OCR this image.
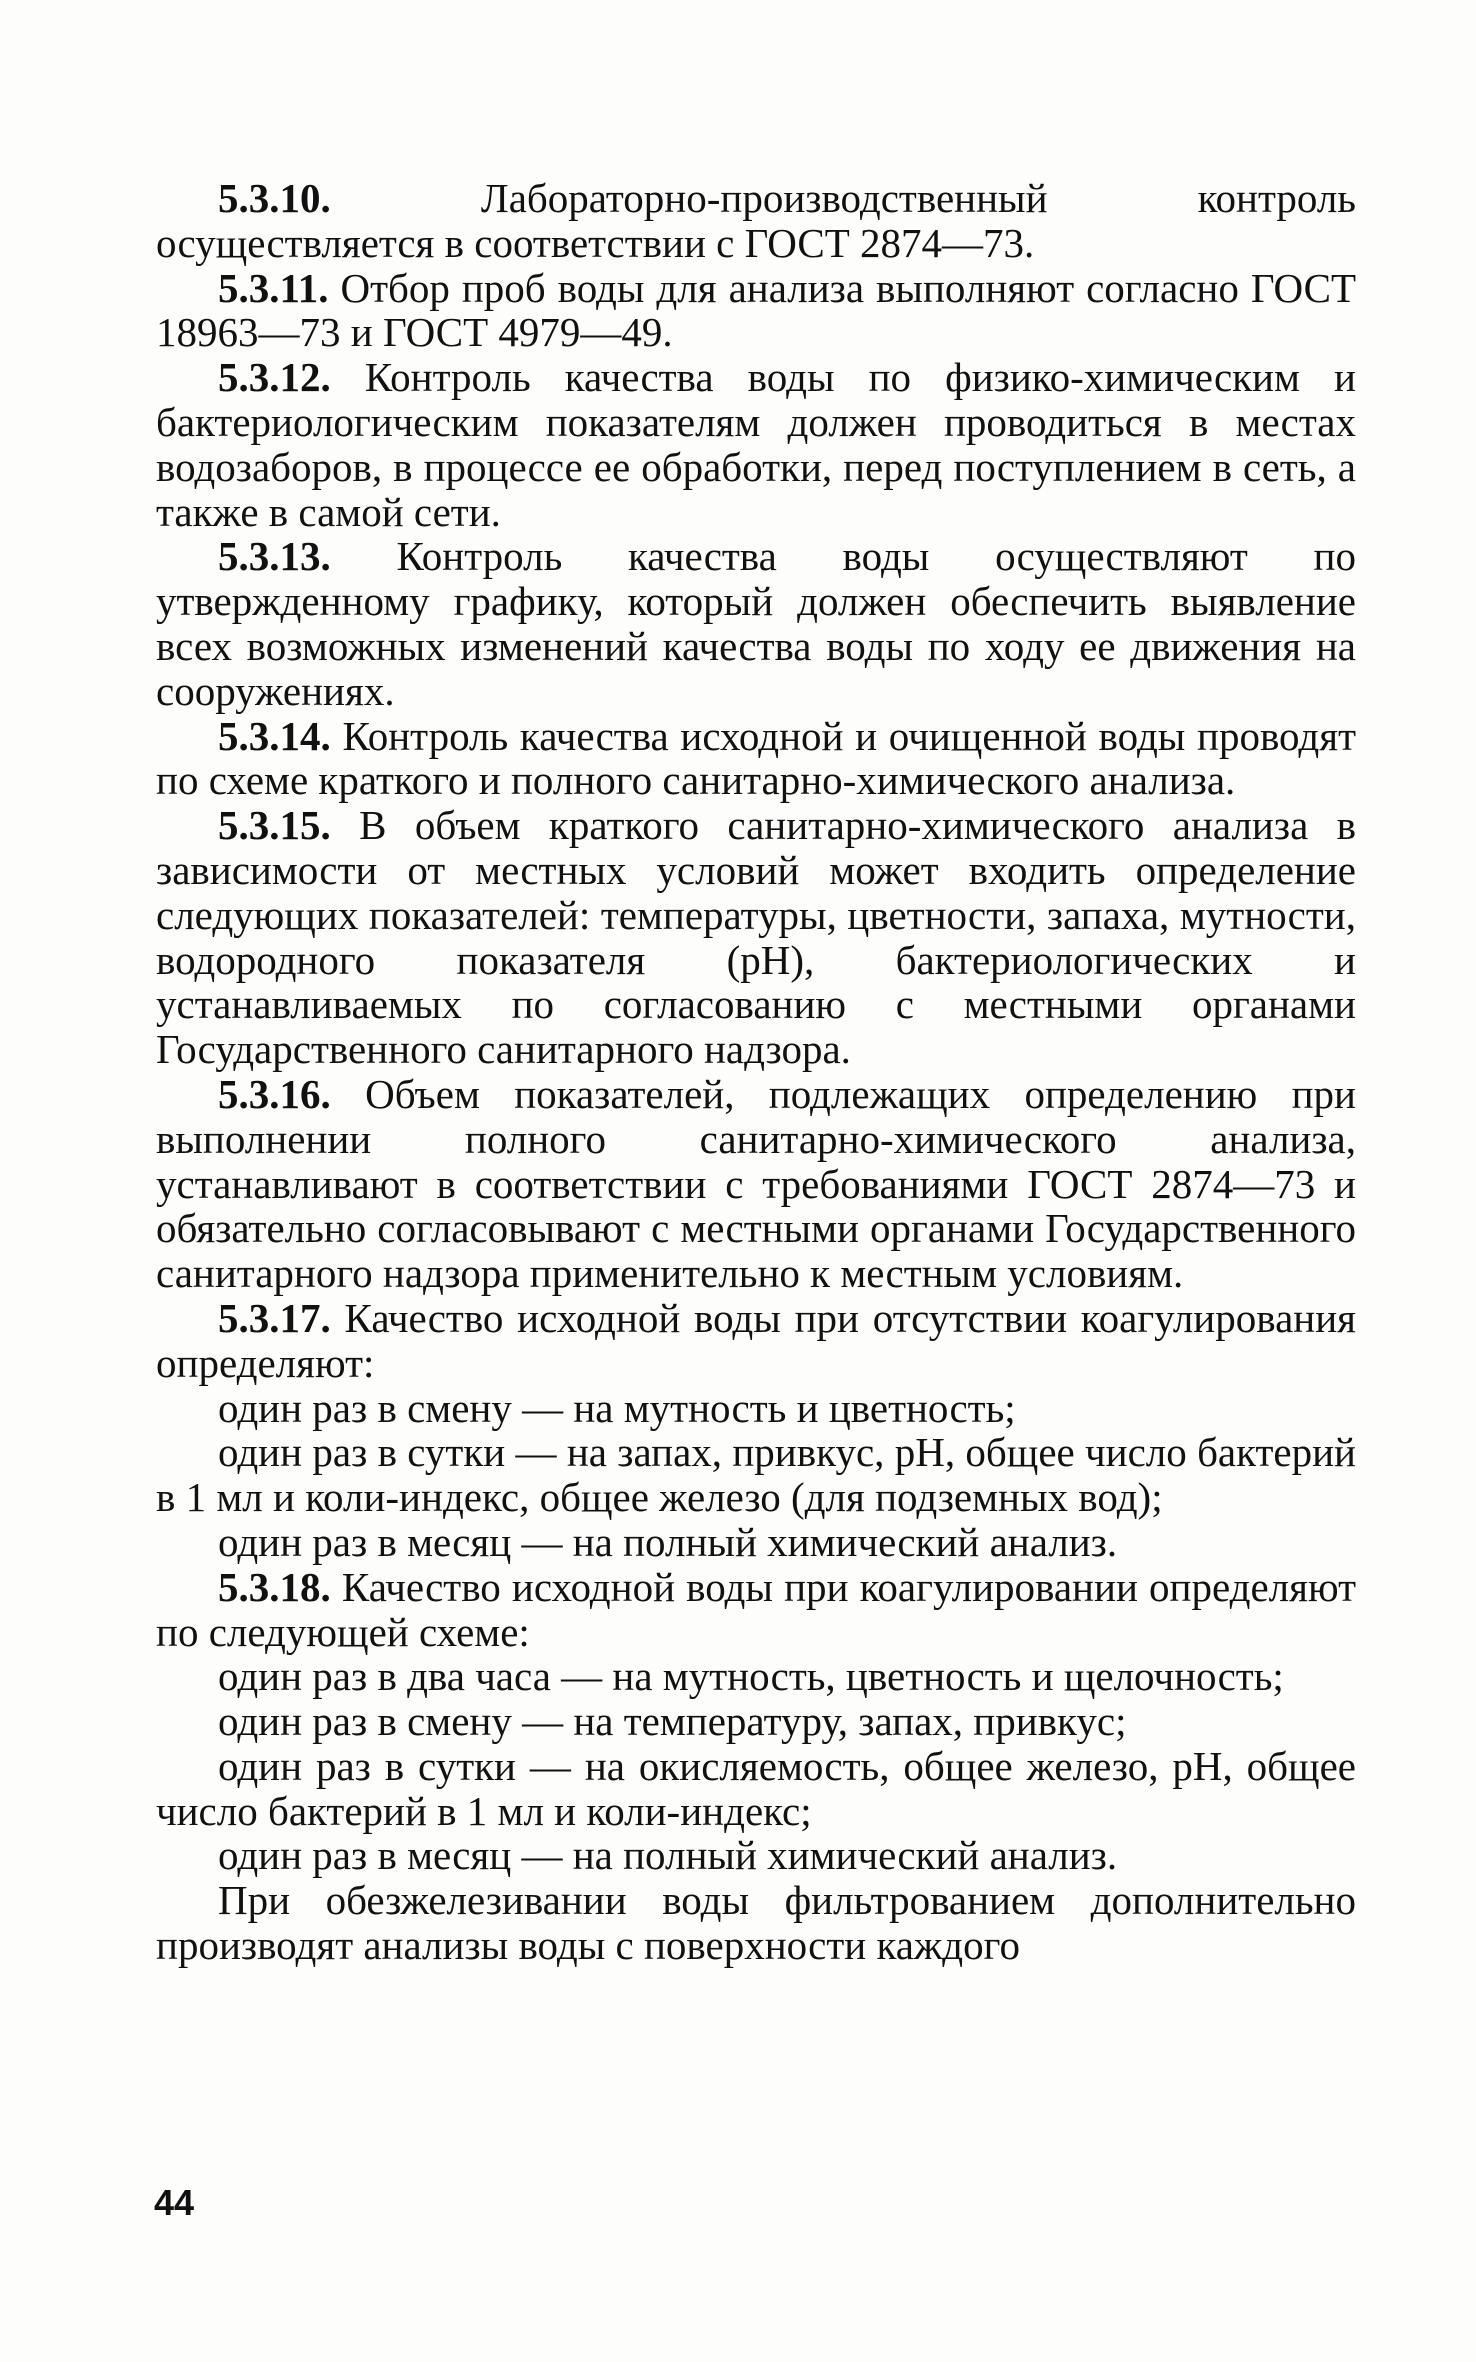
5.3.10.	Лабораторно-производственный контроль осуществляется в соответствии с ГОСТ 2874—73.

5.3.11. Отбор проб воды для анализа выполняют согласно ГОСТ 18963—73 и ГОСТ 4979—49.

5.3.12. Контроль качества воды по физико-химическим и бактериологическим показателям должен проводиться в местах водозаборов, в процессе ее обработки, перед поступлением в сеть, а также в самой сети.

5.3.13. Контроль качества воды осуществляют по утвержденному графику, который должен обеспечить выявление всех возможных изменений качества воды по ходу ее движения на сооружениях.

5.3.14. Контроль качества исходной и очищенной воды проводят по схеме краткого и полного санитарно-химического анализа.

5.3.15. В объем краткого санитарно-химического анализа в зависимости от местных условий может входить определение следующих показателей: температуры, цветности, запаха, мутности, водородного показателя (pH), бактериологических и устанавливаемых по согласованию с местными органами Государственного санитарного надзора.

5.3.16. Объем показателей, подлежащих определению при выполнении полного санитарно-химического анализа, устанавливают в соответствии с требованиями ГОСТ 2874—73 и обязательно согласовывают с местными органами Государственного санитарного надзора применительно к местным условиям.

5.3.17. Качество исходной воды при отсутствии коагулирования определяют:

один раз в смену — на мутность и цветность;

один раз в сутки — на запах, привкус, pH, общее число бактерий в 1 мл и коли-индекс, общее железо (для подземных вод);

один раз в месяц — на полный химический анализ.

5.3.18. Качество исходной воды при коагулировании определяют по следующей схеме:

один раз в два часа — на мутность, цветность и щелочность;

один раз в смену — на температуру, запах, привкус;

один раз в сутки — на окисляемость, общее железо, pH, общее число бактерий в 1 мл и коли-индекс;

один раз в месяц — на полный химический анализ.

При обезжелезивании воды фильтрованием дополнительно производят анализы воды с поверхности каждого

44
